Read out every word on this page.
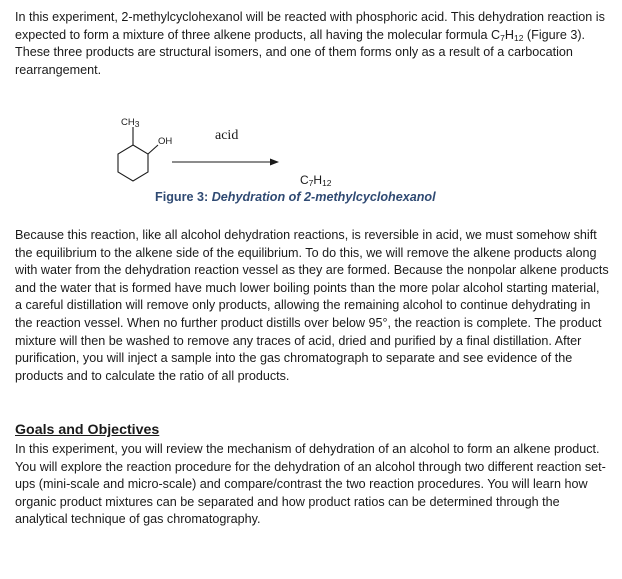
In this experiment, 2-methylcyclohexanol will be reacted with phosphoric acid. This dehydration reaction is expected to form a mixture of three alkene products, all having the molecular formula $C_7H_{12}$ (Figure 3). These three products are structural isomers, and one of them forms only as a result of a carbocation rearrangement.

$CH_3$
OH	acid
$C_7H_{12}$
Figure 3: Dehydration of 2-methylcyclohexanol

Because this reaction, like all alcohol dehydration reactions, is reversible in acid, we must somehow shift the equilibrium to the alkene side of the equilibrium. To do this, we will remove the alkene products along with water from the dehydration reaction vessel as they are formed. Because the nonpolar alkene products and the water that is formed have much lower boiling points than the more polar alcohol starting material, a careful distillation will remove only products, allowing the remaining alcohol to continue dehydrating in the reaction vessel. When no further product distills over below 95°, the reaction is complete. The product mixture will then be washed to remove any traces of acid, dried and purified by a final distillation. After purification, you will inject a sample into the gas chromatograph to separate and see evidence of the products and to calculate the ratio of all products.

Goals and Objectives

In this experiment, you will review the mechanism of dehydration of an alcohol to form an alkene product. You will explore the reaction procedure for the dehydration of an alcohol through two different reaction set-ups (mini-scale and micro-scale) and compare/contrast the two reaction procedures. You will learn how organic product mixtures can be separated and how product ratios can be determined through the analytical technique of gas chromatography.
